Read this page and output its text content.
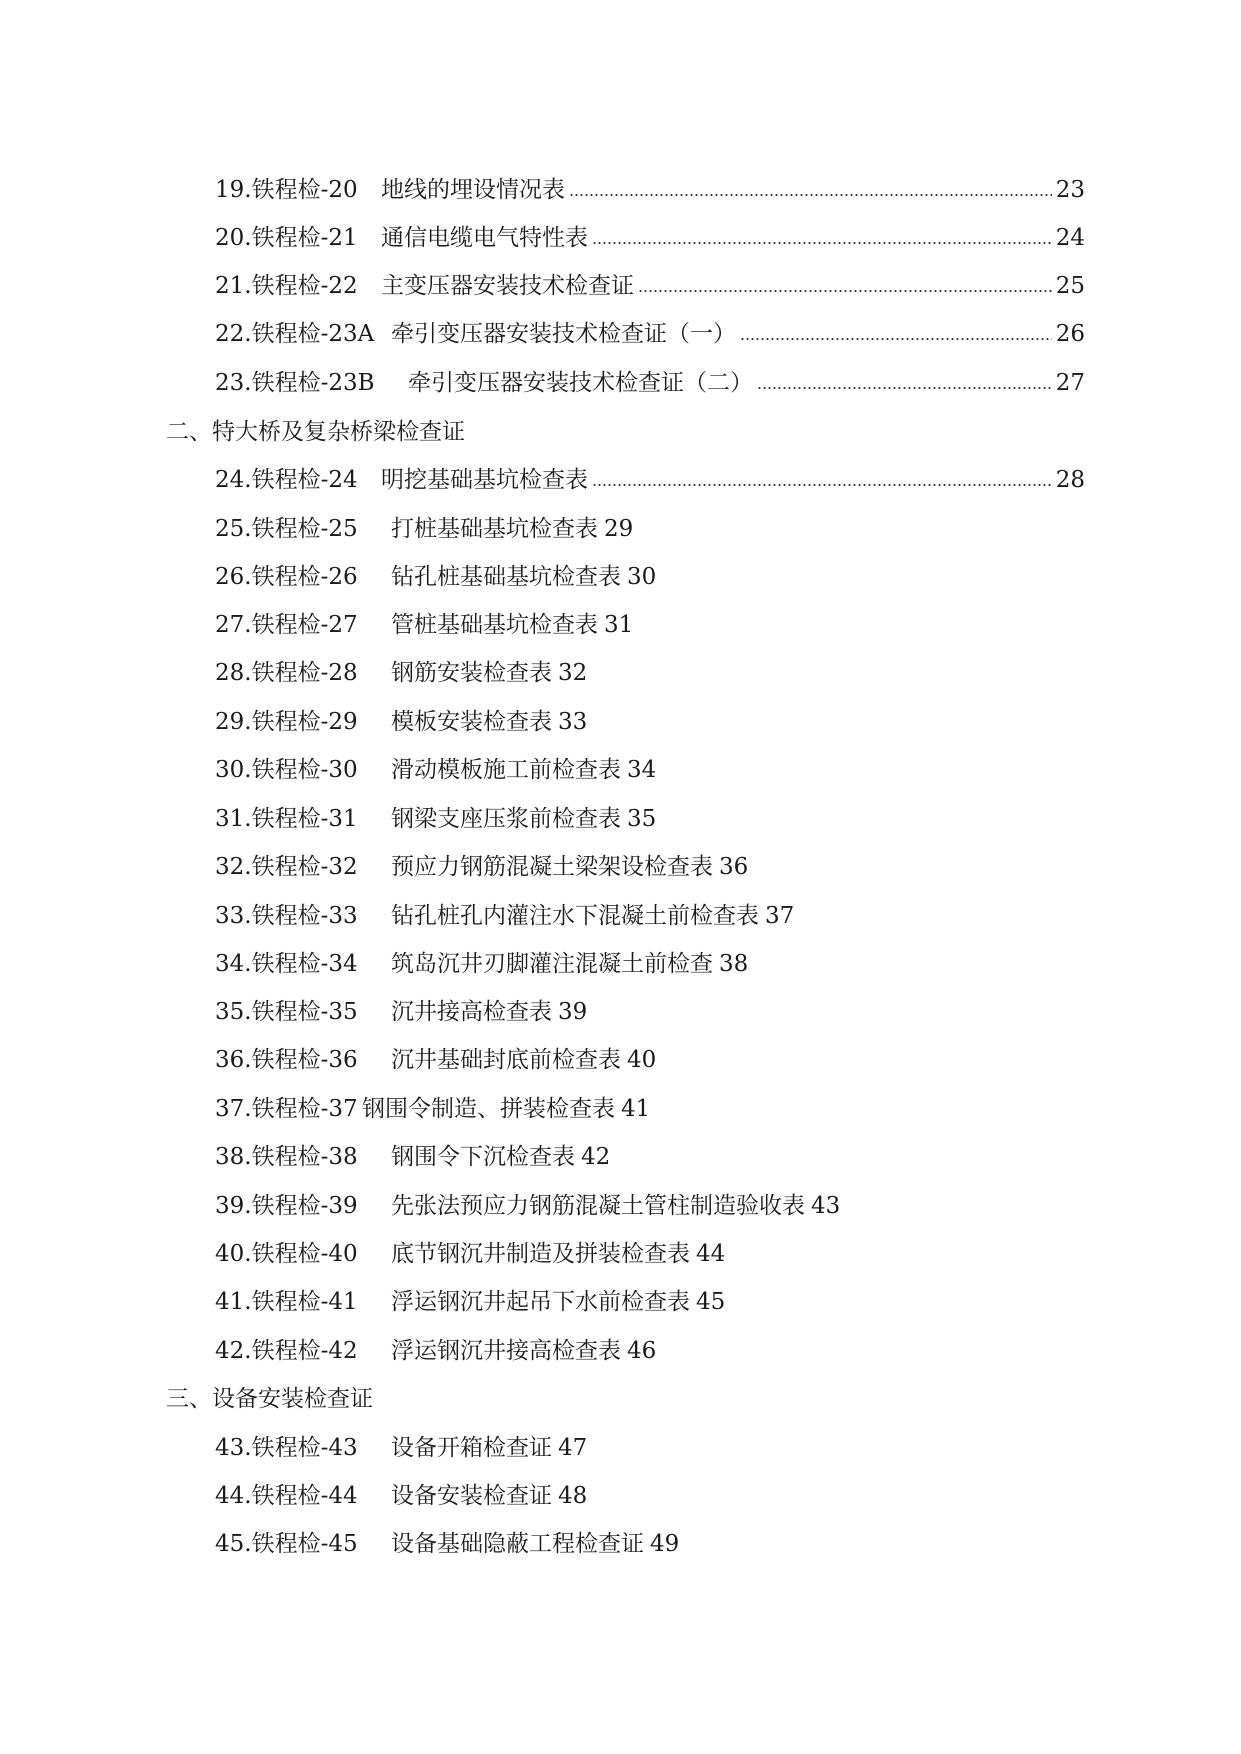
19.铁程检-20	地线的埋设情况表	23
20.铁程检-21	通信电缆电气特性表	24
21.铁程检-22	主变压器安装技术检查证	25
22.铁程检-23A 牵引变压器安装技术检查证（一）	26
23.铁程检-23B	牵引变压器安装技术检查证（二）	27
二、特大桥及复杂桥梁检查证
24.铁程检-24	明挖基础基坑检查表	28
25.铁程检-25	打桩基础基坑检查表 29
26.铁程检-26	钻孔桩基础基坑检查表 30
27.铁程检-27	管桩基础基坑检查表 31
28.铁程检-28	钢筋安装检查表 32
29.铁程检-29	模板安装检查表 33
30.铁程检-30	滑动模板施工前检查表 34
31.铁程检-31	钢梁支座压浆前检查表 35
32.铁程检-32	预应力钢筋混凝土梁架设检查表 36
33.铁程检-33	钻孔桩孔内灌注水下混凝土前检查表 37
34.铁程检-34	筑岛沉井刃脚灌注混凝土前检查 38
35.铁程检-35	沉井接高检查表 39
36.铁程检-36	沉井基础封底前检查表 40
37.铁程检-37 钢围令制造、拼装检查表 41
38.铁程检-38	钢围令下沉检查表 42
39.铁程检-39	先张法预应力钢筋混凝土管柱制造验收表 43
40.铁程检-40	底节钢沉井制造及拼装检查表 44
41.铁程检-41	浮运钢沉井起吊下水前检查表 45
42.铁程检-42	浮运钢沉井接高检查表 46
三、设备安装检查证
43.铁程检-43	设备开箱检查证 47
44.铁程检-44	设备安装检查证 48
45.铁程检-45	设备基础隐蔽工程检查证 49
